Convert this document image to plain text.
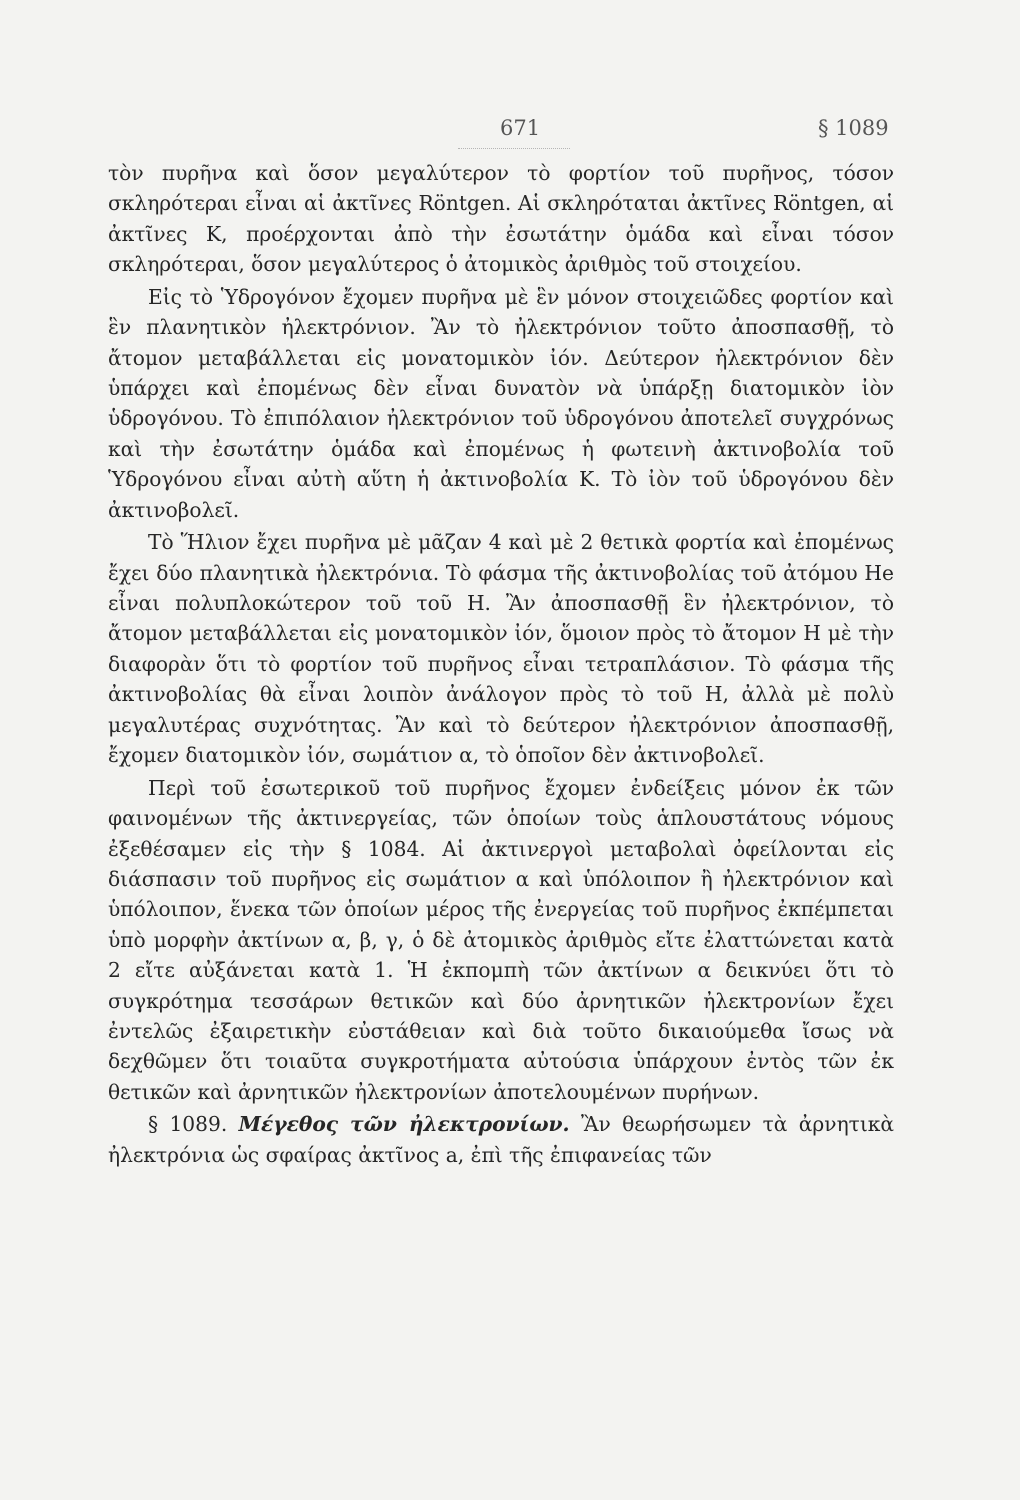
671	§ 1089

τὸν πυρῆνα καὶ ὅσον μεγαλύτερον τὸ φορτίον τοῦ πυρῆνος, τόσον σκληρότεραι εἶναι αἱ ἀκτῖνες Röntgen. Αἱ σκληρόταται ἀκτῖνες Röntgen, αἱ ἀκτῖνες K, προέρχονται ἀπὸ τὴν ἐσωτάτην ὁμάδα καὶ εἶναι τόσον σκληρότεραι, ὅσον μεγαλύτερος ὁ ἀτομικὸς ἀριθμὸς τοῦ στοιχείου.

Εἰς τὸ Ὑδρογόνον ἔχομεν πυρῆνα μὲ ἓν μόνον στοιχειῶδες φορτίον καὶ ἓν πλανητικὸν ἠλεκτρόνιον. Ἂν τὸ ἠλεκτρόνιον τοῦτο ἀποσπασθῇ, τὸ ἄτομον μεταβάλλεται εἰς μονατομικὸν ἰόν. Δεύτερον ἠλεκτρόνιον δὲν ὑπάρχει καὶ ἐπομένως δὲν εἶναι δυνατὸν νὰ ὑπάρξῃ διατομικὸν ἰὸν ὑδρογόνου. Τὸ ἐπιπόλαιον ἠλεκτρόνιον τοῦ ὑδρογόνου ἀποτελεῖ συγχρόνως καὶ τὴν ἐσωτάτην ὁμάδα καὶ ἐπομένως ἡ φωτεινὴ ἀκτινοβολία τοῦ Ὑδρογόνου εἶναι αὐτὴ αὕτη ἡ ἀκτινοβολία K. Τὸ ἰὸν τοῦ ὑδρογόνου δὲν ἀκτινοβολεῖ.

Τὸ Ἥλιον ἔχει πυρῆνα μὲ μᾶζαν 4 καὶ μὲ 2 θετικὰ φορτία καὶ ἐπομένως ἔχει δύο πλανητικὰ ἠλεκτρόνια. Τὸ φάσμα τῆς ἀκτινοβολίας τοῦ ἀτόμου He εἶναι πολυπλοκώτερον τοῦ τοῦ H. Ἂν ἀποσπασθῇ ἓν ἠλεκτρόνιον, τὸ ἄτομον μεταβάλλεται εἰς μονατομικὸν ἰόν, ὅμοιον πρὸς τὸ ἄτομον H μὲ τὴν διαφορὰν ὅτι τὸ φορτίον τοῦ πυρῆνος εἶναι τετραπλάσιον. Τὸ φάσμα τῆς ἀκτινοβολίας θὰ εἶναι λοιπὸν ἀνάλογον πρὸς τὸ τοῦ H, ἀλλὰ μὲ πολὺ μεγαλυτέρας συχνότητας. Ἂν καὶ τὸ δεύτερον ἠλεκτρόνιον ἀποσπασθῇ, ἔχομεν διατομικὸν ἰόν, σωμάτιον α, τὸ ὁποῖον δὲν ἀκτινοβολεῖ.

Περὶ τοῦ ἐσωτερικοῦ τοῦ πυρῆνος ἔχομεν ἐνδείξεις μόνον ἐκ τῶν φαινομένων τῆς ἀκτινεργείας, τῶν ὁποίων τοὺς ἁπλουστάτους νόμους ἐξεθέσαμεν εἰς τὴν § 1084. Αἱ ἀκτινεργοὶ μεταβολαὶ ὀφείλονται εἰς διάσπασιν τοῦ πυρῆνος εἰς σωμάτιον α καὶ ὑπόλοιπον ἢ ἠλεκτρόνιον καὶ ὑπόλοιπον, ἕνεκα τῶν ὁποίων μέρος τῆς ἐνεργείας τοῦ πυρῆνος ἐκπέμπεται ὑπὸ μορφὴν ἀκτίνων α, β, γ, ὁ δὲ ἀτομικὸς ἀριθμὸς εἴτε ἐλαττώνεται κατὰ 2 εἴτε αὐξάνεται κατὰ 1. Ἡ ἐκπομπὴ τῶν ἀκτίνων α δεικνύει ὅτι τὸ συγκρότημα τεσσάρων θετικῶν καὶ δύο ἀρνητικῶν ἠλεκτρονίων ἔχει ἐντελῶς ἐξαιρετικὴν εὐστάθειαν καὶ διὰ τοῦτο δικαιούμεθα ἴσως νὰ δεχθῶμεν ὅτι τοιαῦτα συγκροτήματα αὐτούσια ὑπάρχουν ἐντὸς τῶν ἐκ θετικῶν καὶ ἀρνητικῶν ἠλεκτρονίων ἀποτελουμένων πυρήνων.

§ 1089. Μέγεθος τῶν ἠλεκτρονίων. Ἂν θεωρήσωμεν τὰ ἀρνητικὰ ἠλεκτρόνια ὡς σφαίρας ἀκτῖνος a, ἐπὶ τῆς ἐπιφανείας τῶν
